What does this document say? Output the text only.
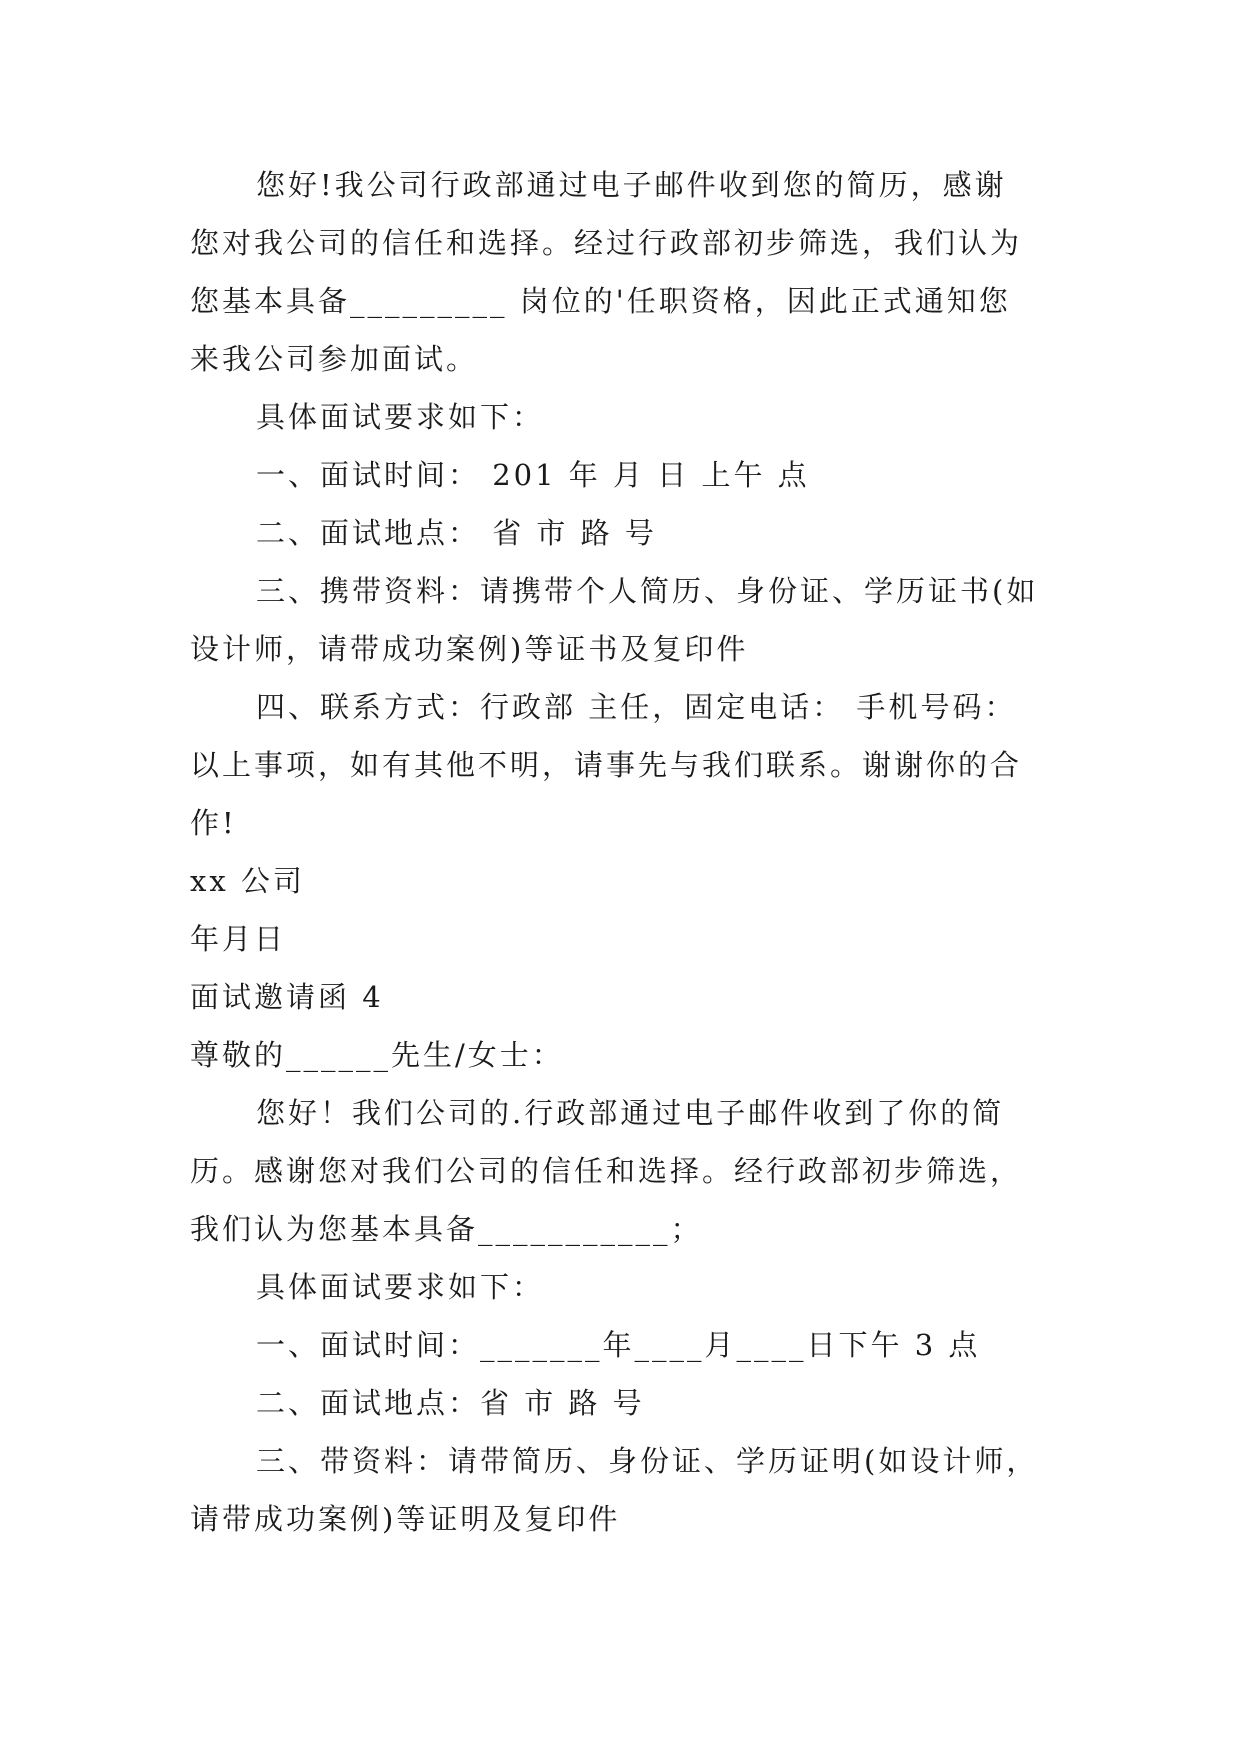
您好!我公司行政部通过电子邮件收到您的简历，感谢
您对我公司的信任和选择。经过行政部初步筛选，我们认为
您基本具备_________ 岗位的'任职资格，因此正式通知您
来我公司参加面试。
具体面试要求如下：
一、面试时间： 201 年 月 日 上午 点
二、面试地点： 省 市 路 号
三、携带资料：请携带个人简历、身份证、学历证书(如
设计师，请带成功案例)等证书及复印件
四、联系方式：行政部 主任，固定电话： 手机号码：
以上事项，如有其他不明，请事先与我们联系。谢谢你的合
作!
xx 公司
年月日
面试邀请函 4
尊敬的______先生/女士：
您好！我们公司的.行政部通过电子邮件收到了你的简
历。感谢您对我们公司的信任和选择。经行政部初步筛选，
我们认为您基本具备___________；
具体面试要求如下：
一、面试时间：_______年____月____日下午 3 点
二、面试地点：省 市 路 号
三、带资料：请带简历、身份证、学历证明(如设计师，
请带成功案例)等证明及复印件
